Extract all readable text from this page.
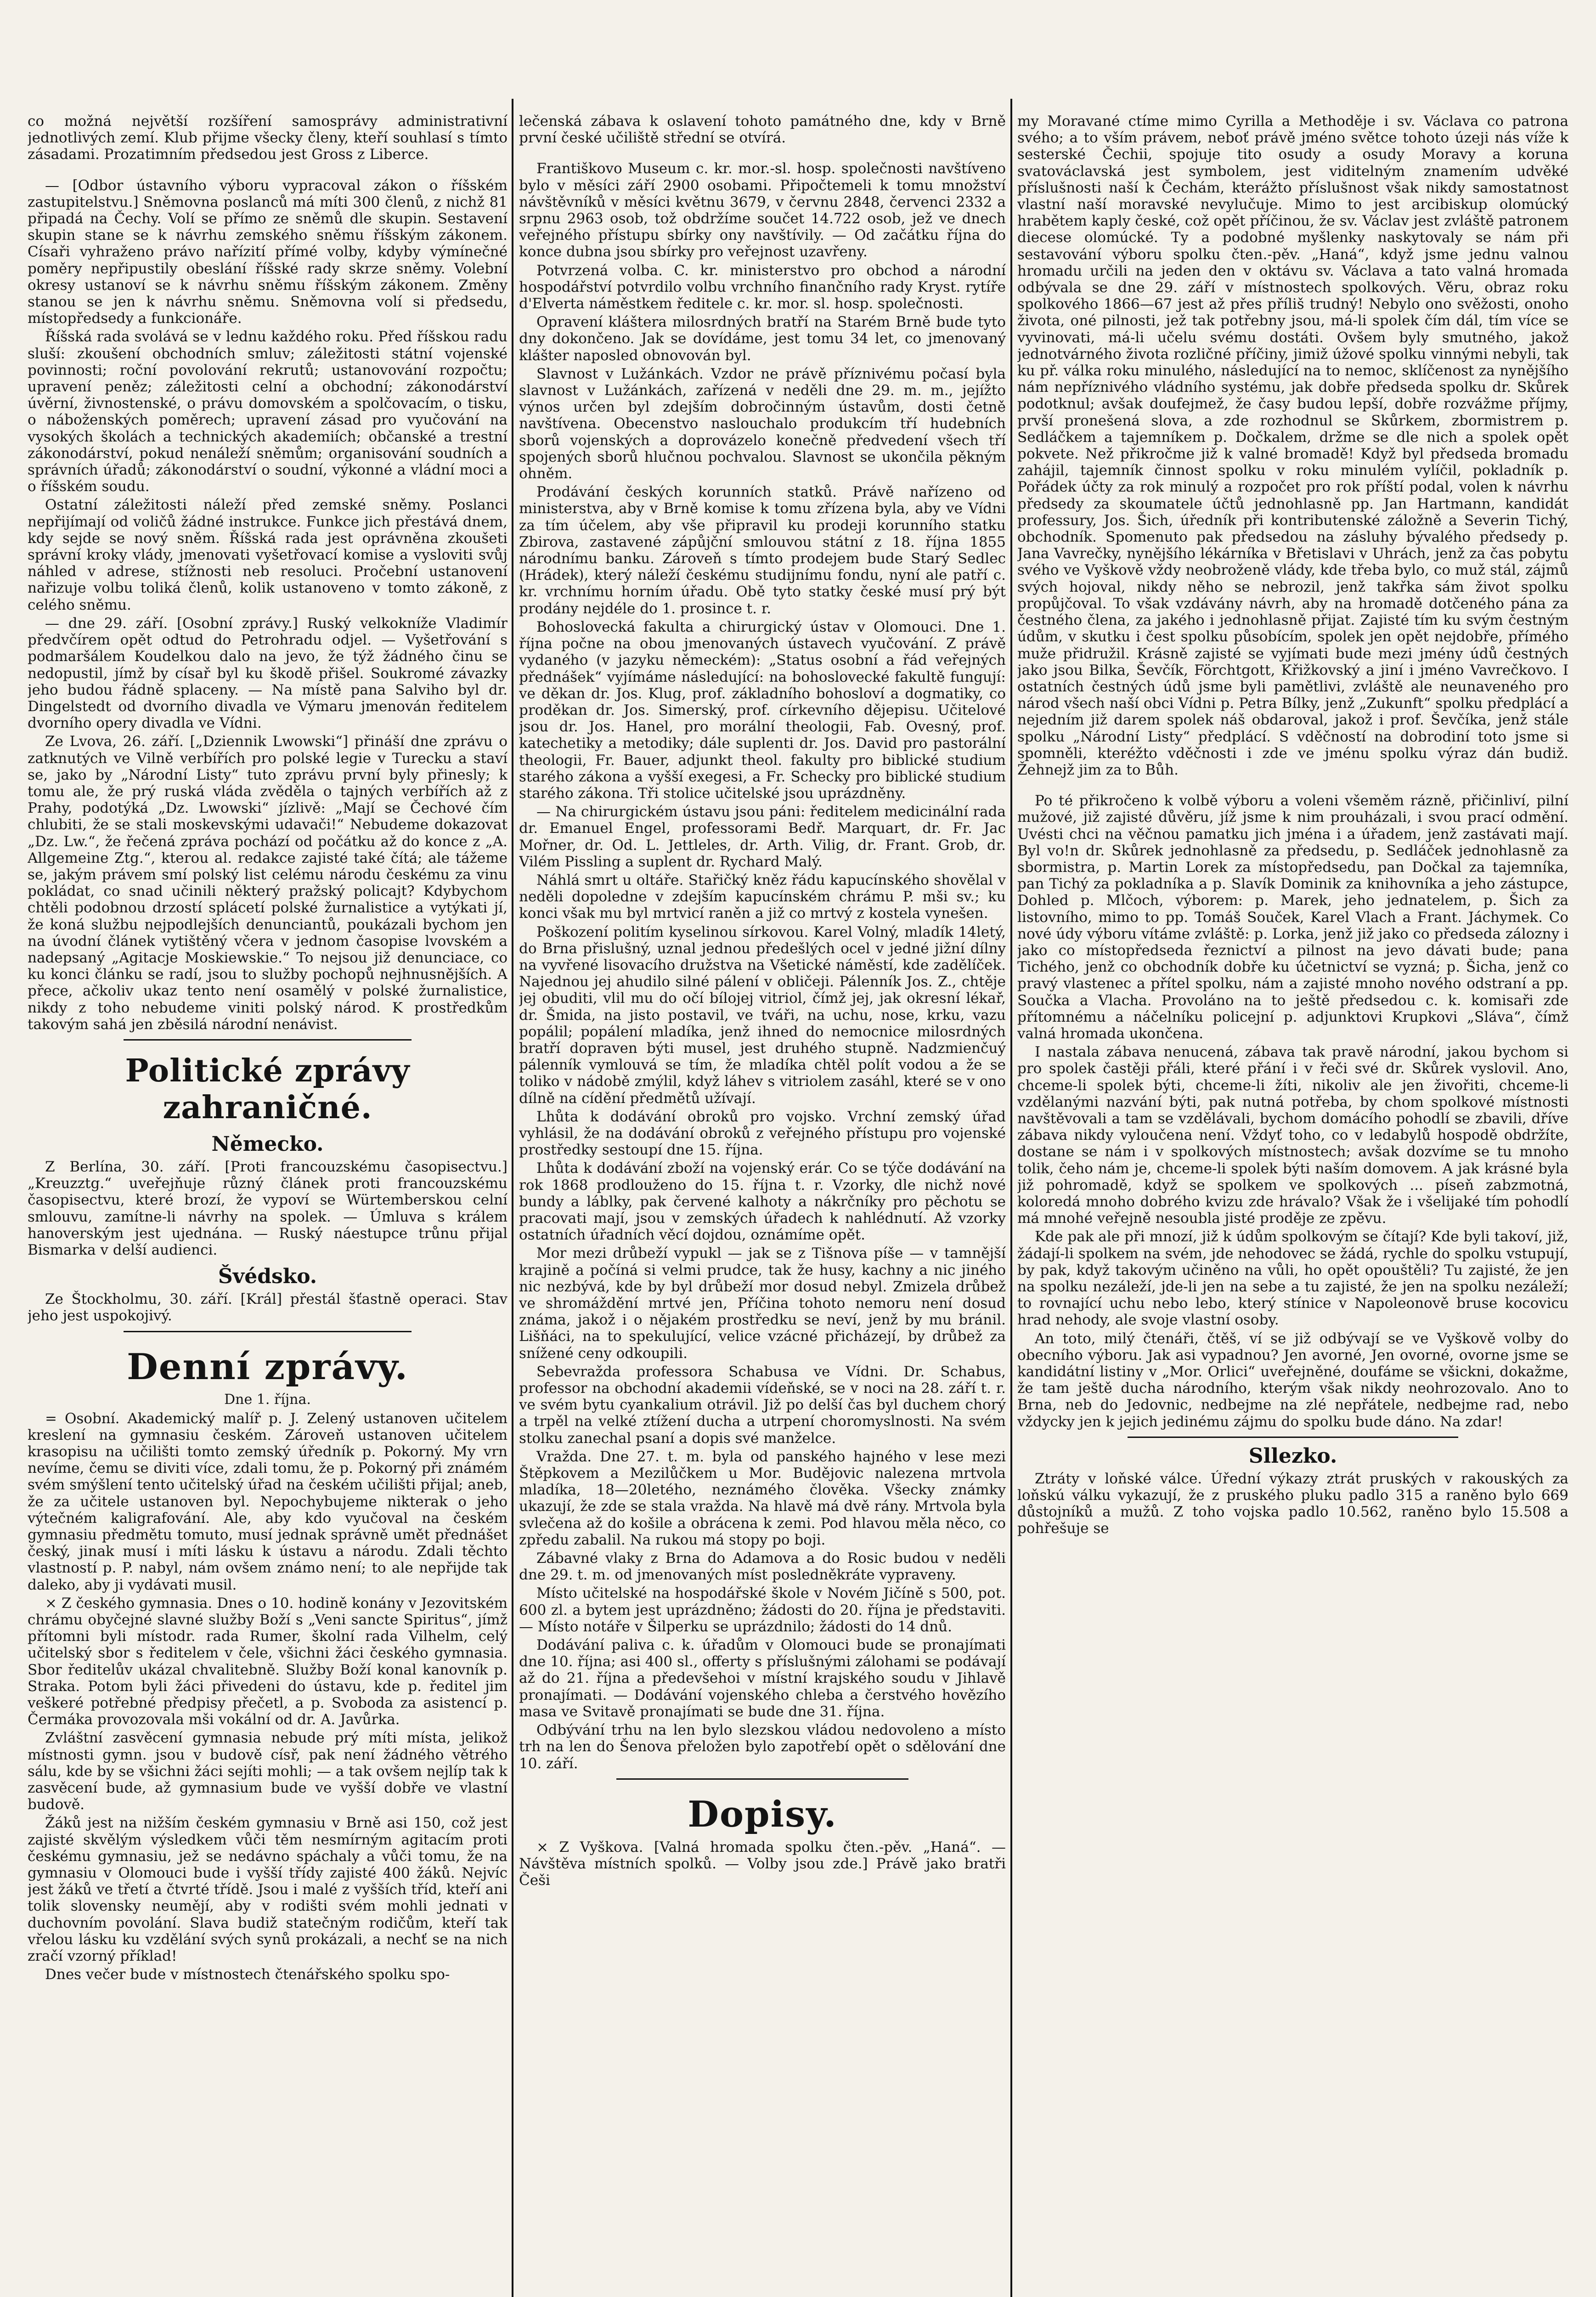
co možná největší rozšíření samosprávy administrativní jednotlivých zemí. Klub přijme všecky členy, kteří souhlasí s tímto zásadami. Prozatimním předsedou jest Gross z Liberce.

— [Odbor ústavního výboru vypracoval zákon o říšském zastupitelstvu.] Sněmovna poslanců má míti 300 členů, z nichž 81 připadá na Čechy. Volí se přímo ze sněmů dle skupin. Sestavení skupin stane se k návrhu zemského sněmu říšským zákonem. Císaři vyhraženo právo nařízití přímé volby, kdyby výmínečné poměry nepřipustily obeslání říšské rady skrze sněmy. Volební okresy ustanoví se k návrhu sněmu říšským zákonem. Změny stanou se jen k návrhu sněmu. Sněmovna volí si předsedu, místopředsedy a funkcionáře.

Říšská rada svolává se v lednu každého roku. Před říšskou radu sluší: zkoušení obchodních smluv; záležitosti státní vojenské povinnosti; roční povolování rekrutů; ustanovování rozpočtu; upravení peněz; záležitosti celní a obchodní; zákonodárství úvěrní, živnostenské, o právu domovském a spolčovacím, o tisku, o náboženských poměrech; upravení zásad pro vyučování na vysokých školách a technických akademiích; občanské a trestní zákonodárství, pokud nenáleží sněmům; organisování soudních a správních úřadů; zákonodárství o soudní, výkonné a vládní moci a o říšském soudu.

Ostatní záležitosti náleží před zemské sněmy. Poslanci nepřijímají od voličů žádné instrukce. Funkce jich přestává dnem, kdy sejde se nový sněm. Říšská rada jest oprávněna zkoušeti správní kroky vlády, jmenovati vyšetřovací komise a vysloviti svůj náhled v adrese, stížnosti neb resoluci. Pročební ustanovení nařizuje volbu toliká členů, kolik ustanoveno v tomto zákoně, z celého sněmu.

— dne 29. září. [Osobní zprávy.] Ruský velkokníže Vladimír předvčírem opět odtud do Petrohradu odjel. — Vyšetřování s podmaršálem Koudelkou dalo na jevo, že týž žádného činu se nedopustil, jímž by císař byl ku škodě přišel. Soukromé závazky jeho budou řádně splaceny. — Na místě pana Salviho byl dr. Dingelstedt od dvorního divadla ve Výmaru jmenován ředitelem dvorního opery divadla ve Vídni.

Ze Lvova, 26. září. [„Dziennik Lwowski“] přináší dne zprávu o zatknutých ve Vilně verbířích pro polské legie v Turecku a staví se, jako by „Národní Listy“ tuto zprávu první byly přinesly; k tomu ale, že prý ruská vláda zvěděla o tajných verbířích až z Prahy, podotýká „Dz. Lwowski“ jízlivě: „Mají se Čechové čím chlubiti, že se stali moskevskými udavači!“ Nebudeme dokazovat „Dz. Lw.“, že řečená zpráva pochází od počátku až do konce z „A. Allgemeine Ztg.“, kterou al. redakce zajisté také čítá; ale tážeme se, jakým právem smí polský list celému národu českému za vinu pokládat, co snad učinili některý pražský policajt? Kdybychom chtěli podobnou drzostí splácetí polské žurnalistice a vytýkati jí, že koná službu nejpodlejších denunciantů, poukázali bychom jen na úvodní článek vytištěný včera v jednom časopise lvovském a nadepsaný „Agitacje Moskiewskie.“ To nejsou již denunciace, co ku konci článku se radí, jsou to služby pochopů nejhnusnějších. A přece, ačkoliv ukaz tento není osamělý v polské žurnalistice, nikdy z toho nebudeme viniti polský národ. K prostředkům takovým sahá jen zběsilá národní nenávist.

Politické zprávy zahraničné.
Německo.

Z Berlína, 30. září. [Proti francouzskému časopisectvu.] „Kreuzztg.“ uveřejňuje různý článek proti francouzskému časopisectvu, které brozí, že vypoví se Würtemberskou celní smlouvu, zamítne-li návrhy na spolek. — Úmluva s králem hanoverským jest ujednána. — Ruský náestupce trůnu přijal Bismarka v delší audienci.

Švédsko.

Ze Štockholmu, 30. září. [Král] přestál šťastně operaci. Stav jeho jest uspokojivý.

Denní zprávy.
Dne 1. října.

= Osobní. Akademický malíř p. J. Zelený ustanoven učitelem kreslení na gymnasiu českém. Zároveň ustanoven učitelem krasopisu na učilišti tomto zemský úředník p. Pokorný. My vrn nevíme, čemu se diviti více, zdali tomu, že p. Pokorný při známém svém smýšlení tento učitelský úřad na českém učilišti přijal; aneb, že za učitele ustanoven byl. Nepochybujeme nikterak o jeho výtečném kaligrafování. Ale, aby kdo vyučoval na českém gymnasiu předmětu tomuto, musí jednak správně umět přednášet český, jinak musí i míti lásku k ústavu a národu. Zdali těchto vlastností p. P. nabyl, nám ovšem známo není; to ale nepřijde tak daleko, aby ji vydávati musil.

× Z českého gymnasia. Dnes o 10. hodině konány v Jezovitském chrámu obyčejné slavné služby Boží s „Veni sancte Spiritus“, jímž přítomni byli místodr. rada Rumer, školní rada Vilhelm, celý učitelský sbor s ředitelem v čele, všichni žáci českého gymnasia. Sbor ředitelův ukázal chvalitebně. Služby Boží konal kanovník p. Straka. Potom byli žáci přivedeni do ústavu, kde p. ředitel jim veškeré potřebné předpisy přečetl, a p. Svoboda za asistencí p. Čermáka provozovala mši vokální od dr. A. Javůrka.

Zvláštní zasvěcení gymnasia nebude prý míti místa, jelikož místnosti gymn. jsou v budově císř, pak není žádného větrého sálu, kde by se všichni žáci sejíti mohli; — a tak ovšem nejlíp tak k zasvěcení bude, až gymnasium bude ve vyšší dobře ve vlastní budově.

Žáků jest na nižším českém gymnasiu v Brně asi 150, což jest zajisté skvělým výsledkem vůči těm nesmírným agitacím proti českému gymnasiu, jež se nedávno spáchaly a vůči tomu, že na gymnasiu v Olomouci bude i vyšší třídy zajisté 400 žáků. Nejvíc jest žáků ve třetí a čtvrté třídě. Jsou i malé z vyšších tříd, kteří ani tolik slovensky neumějí, aby v rodišti svém mohli jednati v duchovním povolání. Slava budiž statečným rodičům, kteří tak vřelou lásku ku vzdělání svých synů prokázali, a nechť se na nich zračí vzorný příklad!

Dnes večer bude v místnostech čtenářského spolku spo-

lečenská zábava k oslavení tohoto památného dne, kdy v Brně první české učiliště střední se otvírá.

Františkovo Museum c. kr. mor.-sl. hosp. společnosti navštíveno bylo v měsíci září 2900 osobami. Připočtemeli k tomu množství návštěvníků v měsíci květnu 3679, v červnu 2848, červenci 2332 a srpnu 2963 osob, tož obdržíme součet 14.722 osob, jež ve dnech veřejného přístupu sbírky ony navštívily. — Od začátku října do konce dubna jsou sbírky pro veřejnost uzavřeny.

Potvrzená volba. C. kr. ministerstvo pro obchod a národní hospodářství potvrdilo volbu vrchního finančního rady Kryst. rytíře d'Elverta náměstkem ředitele c. kr. mor. sl. hosp. společnosti.

Opravení kláštera milosrdných bratří na Starém Brně bude tyto dny dokončeno. Jak se dovídáme, jest tomu 34 let, co jmenovaný klášter naposled obnovován byl.

Slavnost v Lužánkách. Vzdor ne právě příznivému počasí byla slavnost v Lužánkách, zařízená v neděli dne 29. m. m., jejížto výnos určen byl zdejším dobročinným ústavům, dosti četně navštívena. Obecenstvo naslouchalo produkcím tří hudebních sborů vojenských a doprovázelo konečně předvedení všech tří spojených sborů hlučnou pochvalou. Slavnost se ukončila pěkným ohněm.

Prodávání českých korunních statků. Právě nařízeno od ministerstva, aby v Brně komise k tomu zřízena byla, aby ve Vídni za tím účelem, aby vše připravil ku prodeji korunního statku Zbirova, zastavené zápůjční smlouvou státní z 18. října 1855 národnímu banku. Zároveň s tímto prodejem bude Starý Sedlec (Hrádek), který náleží českému studijnímu fondu, nyní ale patří c. kr. vrchnímu horním úřadu. Obě tyto statky české musí prý být prodány nejdéle do 1. prosince t. r.

Bohoslovecká fakulta a chirurgický ústav v Olomouci. Dne 1. října počne na obou jmenovaných ústavech vyučování. Z právě vydaného (v jazyku německém): „Status osobní a řád veřejných přednášek“ vyjímáme následující: na bohoslovecké fakultě fungují: ve děkan dr. Jos. Klug, prof. základního bohosloví a dogmatiky, co proděkan dr. Jos. Simerský, prof. církevního dějepisu. Učitelové jsou dr. Jos. Hanel, pro morální theologii, Fab. Ovesný, prof. katechetiky a metodiky; dále suplenti dr. Jos. David pro pastorální theologii, Fr. Bauer, adjunkt theol. fakulty pro biblické studium starého zákona a vyšší exegesi, a Fr. Schecky pro biblické studium starého zákona. Tři stolice učitelské jsou uprázdněny.

— Na chirurgickém ústavu jsou páni: ředitelem medicinální rada dr. Emanuel Engel, professorami Bedř. Marquart, dr. Fr. Jac Mořner, dr. Od. L. Jettleles, dr. Arth. Vilig, dr. Frant. Grob, dr. Vilém Pissling a suplent dr. Rychard Malý.

Náhlá smrt u oltáře. Stařičký kněz řádu kapucínského shovělal v neděli dopoledne v zdejším kapucínském chrámu P. mši sv.; ku konci však mu byl mrtvicí raněn a již co mrtvý z kostela vynešen.

Poškození politím kyselinou sírkovou. Karel Volný, mladík 14letý, do Brna přislušný, uznal jednou předešlých ocel v jedné jižní dílny na vyvřené lisovacího družstva na Všetické náměstí, kde zadělíček. Najednou jej ahudilo silné pálení v obličeji. Pálenník Jos. Z., chtěje jej obuditi, vlil mu do očí bílojej vitriol, čímž jej, jak okresní lékař, dr. Šmida, na jisto postavil, ve tváři, na uchu, nose, krku, vazu popálil; popálení mladíka, jenž ihned do nemocnice milosrdných bratří dopraven býti musel, jest druhého stupně. Nadzmienčuý pálenník vymlouvá se tím, že mladíka chtěl polít vodou a že se toliko v nádobě zmýlil, když láhev s vitriolem zasáhl, které se v ono dílně na cídění předmětů užívají.

Lhůta k dodávání obroků pro vojsko. Vrchní zemský úřad vyhlásil, že na dodávání obroků z veřejného přístupu pro vojenské prostředky sestoupí dne 15. října.

Lhůta k dodávání zboží na vojenský erár. Co se týče dodávání na rok 1868 prodlouženo do 15. října t. r. Vzorky, dle nichž nové bundy a láblky, pak červené kalhoty a nákrčníky pro pěchotu se pracovati mají, jsou v zemských úřadech k nahlédnutí. Až vzorky ostatních úřadních věcí dojdou, oznámíme opět.

Mor mezi drůbeží vypukl — jak se z Tišnova píše — v tamnější krajině a počíná si velmi prudce, tak že husy, kachny a nic jiného nic nezbývá, kde by byl drůbeží mor dosud nebyl. Zmizela drůbež ve shromáždění mrtvé jen, Příčina tohoto nemoru není dosud známa, jakož i o nějakém prostředku se neví, jenž by mu bránil. Lišňáci, na to spekulující, velice vzácné přicházejí, by drůbež za snížené ceny odkoupili.

Sebevražda professora Schabusa ve Vídni. Dr. Schabus, professor na obchodní akademii vídeňské, se v noci na 28. září t. r. ve svém bytu cyankalium otrávil. Již po delší čas byl duchem chorý a trpěl na velké ztížení ducha a utrpení choromyslnosti. Na svém stolku zanechal psaní a dopis své manželce.

Vražda. Dne 27. t. m. byla od panského hajného v lese mezi Štěpkovem a Mezilůčkem u Mor. Budějovic nalezena mrtvola mladíka, 18—20letého, neznámého člověka. Všecky známky ukazují, že zde se stala vražda. Na hlavě má dvě rány. Mrtvola byla svlečena až do košile a obrácena k zemi. Pod hlavou měla něco, co zpředu zabalil. Na rukou má stopy po boji.

Zábavné vlaky z Brna do Adamova a do Rosic budou v neděli dne 29. t. m. od jmenovaných míst posledněkráte vypraveny.

Místo učitelské na hospodářské škole v Novém Jičíně s 500, pot. 600 zl. a bytem jest uprázdněno; žádosti do 20. října je představiti. — Místo notáře v Šilperku se uprázdnilo; žádosti do 14 dnů.

Dodávání paliva c. k. úřadům v Olomouci bude se pronajímati dne 10. října; asi 400 sl., offerty s příslušnými zálohami se podávají až do 21. října a předevšehoi v místní krajského soudu v Jihlavě pronajímati. — Dodávání vojenského chleba a čerstvého hovězího masa ve Svitavě pronajímati se bude dne 31. října.

Odbývání trhu na len bylo slezskou vládou nedovoleno a místo trh na len do Šenova přeložen bylo zapotřebí opět o sdělování dne 10. září.

Dopisy.

× Z Vyškova. [Valná hromada spolku čten.-pěv. „Haná“. — Návštěva místních spolků. — Volby jsou zde.] Právě jako bratři Češi

my Moravané ctíme mimo Cyrilla a Methoděje i sv. Václava co patrona svého; a to vším právem, neboť právě jméno světce tohoto úzeji nás víže k sesterské Čechii, spojuje tito osudy a osudy Moravy a koruna svatováclavská jest symbolem, jest viditelným znamením udvěké příslušnosti naší k Čechám, kterážto příslušnost však nikdy samostatnost vlastní naší moravské nevylučuje. Mimo to jest arcibiskup olomúcký hrabětem kaply české, což opět příčinou, že sv. Václav jest zvláště patronem diecese olomúcké. Ty a podobné myšlenky naskytovaly se nám při sestavování výboru spolku čten.-pěv. „Haná“, když jsme jednu valnou hromadu určili na jeden den v oktávu sv. Václava a tato valná hromada odbývala se dne 29. září v místnostech spolkových. Věru, obraz roku spolkového 1866—67 jest až přes příliš trudný! Nebylo ono svěžosti, onoho života, oné pilnosti, jež tak potřebny jsou, má-li spolek čím dál, tím více se vyvinovati, má-li učelu svému dostáti. Ovšem byly smutného, jakož jednotvárného života rozličné příčiny, jimiž úžové spolku vinnými nebyli, tak ku př. válka roku minulého, následující na to nemoc, sklíčenost za nynějšího nám nepříznivého vládního systému, jak dobře předseda spolku dr. Skůrek podotknul; avšak doufejmež, že časy budou lepší, dobře rozvážme příjmy, prvší pronešená slova, a zde rozhodnul se Skůrkem, zbormistrem p. Sedláčkem a tajemníkem p. Dočkalem, držme se dle nich a spolek opět pokvete. Než přikročme již k valné bromadě! Když byl předseda bromadu zahájil, tajemník činnost spolku v roku minulém vylíčil, pokladník p. Pořádek účty za rok minulý a rozpočet pro rok příští podal, volen k návrhu předsedy za skoumatele účtů jednohlasně pp. Jan Hartmann, kandidát professury, Jos. Šich, úředník při kontributenské záložně a Severin Tichý, obchodník. Spomenuto pak předsedou na zásluhy bývalého předsedy p. Jana Vavrečky, nynějšího lékárníka v Břetislavi v Uhrách, jenž za čas pobytu svého ve Vyškově vždy neobroženě vlády, kde třeba bylo, co muž stál, zájmů svých hojoval, nikdy něho se nebrozil, jenž takřka sám život spolku propůjčoval. To však vzdávány návrh, aby na hromadě dotčeného pána za čestného člena, za jakého i jednohlasně přijat. Zajisté tím ku svým čestným údům, v skutku i čest spolku působícím, spolek jen opět nejdobře, přímého muže přidružil. Krásně zajisté se vyjímati bude mezi jmény údů čestných jako jsou Bilka, Ševčík, Förchtgott, Křižkovský a jiní i jméno Vavrečkovo. I ostatních čestných údů jsme byli pamětlivi, zvláště ale neunaveného pro národ všech naší obci Vídni p. Petra Bílky, jenž „Zukunft“ spolku předplácí a nejedním již darem spolek náš obdaroval, jakož i prof. Ševčíka, jenž stále spolku „Národní Listy“ předplácí. S vděčností na dobrodiní toto jsme si spomněli, kteréžto vděčnosti i zde ve jménu spolku výraz dán budiž. Žehnejž jim za to Bůh.

Po té přikročeno k volbě výboru a voleni všeměm rázně, přičinliví, pilní mužové, již zajisté důvěru, jíž jsme k nim prouházali, i svou prací odmění. Uvésti chci na věčnou pamatku jich jména i a úřadem, jenž zastávati mají. Byl vo!n dr. Skůrek jednohlasně za předsedu, p. Sedláček jednohlasně za sbormistra, p. Martin Lorek za místopředsedu, pan Dočkal za tajemníka, pan Tichý za pokladníka a p. Slavík Dominik za knihovníka a jeho zástupce, Dohled p. Mlčoch, výborem: p. Marek, jeho jednatelem, p. Šich za listovního, mimo to pp. Tomáš Souček, Karel Vlach a Frant. Jáchymek. Co nové údy výboru vítáme zvláště: p. Lorka, jenž již jako co předseda zálozny i jako co místopředseda řeznictví a pilnost na jevo dávati bude; pana Tichého, jenž co obchodník dobře ku účetnictví se vyzná; p. Šicha, jenž co pravý vlastenec a přítel spolku, nám a zajisté mnoho nového odstraní a pp. Součka a Vlacha. Provoláno na to ještě předsedou c. k. komisaři zde přítomnému a náčelníku policejní p. adjunktovi Krupkovi „Sláva“, čímž valná hromada ukončena.

I nastala zábava nenucená, zábava tak pravě národní, jakou bychom si pro spolek častěji přáli, které přání i v řeči své dr. Skůrek vyslovil. Ano, chceme-li spolek býti, chceme-li žíti, nikoliv ale jen živořiti, chceme-li vzdělanými nazvání býti, pak nutná potřeba, by chom spolkové místnosti navštěvovali a tam se vzdělávali, bychom domácího pohodlí se zbavili, dříve zábava nikdy vyloučena není. Vždyť toho, co v ledabylů hospodě obdržíte, dostane se nám i v spolkových místnostech; avšak dozvíme se tu mnoho tolik, čeho nám je, chceme-li spolek býti naším domovem. A jak krásné byla již pohromadě, když se spolkem ve spolkových ... píseň zabzmotná, koloredá mnoho dobrého kvizu zde hrávalo? Však že i všelijaké tím pohodlí má mnohé veřejně nesoubla jisté proděje ze zpěvu.

Kde pak ale při mnozí, již k údům spolkovým se čítají? Kde byli takoví, již, žádají-li spolkem na svém, jde nehodovec se žádá, rychle do spolku vstupují, by pak, když takovým učiněno na vůli, ho opět opouštěli? Tu zajisté, že jen na spolku nezáleží, jde-li jen na sebe a tu zajisté, že jen na spolku nezáleží; to rovnající uchu nebo lebo, který stínice v Napoleonově bruse kocovicu hrad nehody, ale svoje vlastní osoby.

An toto, milý čtenáři, čtěš, ví se již odbývají se ve Vyškově volby do obecního výboru. Jak asi vypadnou? Jen avorné, Jen ovorné, ovorne jsme se kandidátní listiny v „Mor. Orlici“ uveřejněné, doufáme se všickni, dokažme, že tam ještě ducha národního, kterým však nikdy neohrozovalo. Ano to Brna, neb do Jedovnic, nedbejme na zlé nepřátele, nedbejme rad, nebo vždycky jen k jejich jedinému zájmu do spolku bude dáno. Na zdar!

Sllezko.

Ztráty v loňské válce. Úřední výkazy ztrát pruských v rakouských za loňskú válku vykazují, že z pruského pluku padlo 315 a raněno bylo 669 důstojníků a mužů. Z toho vojska padlo 10.562, raněno bylo 15.508 a pohřešuje se
